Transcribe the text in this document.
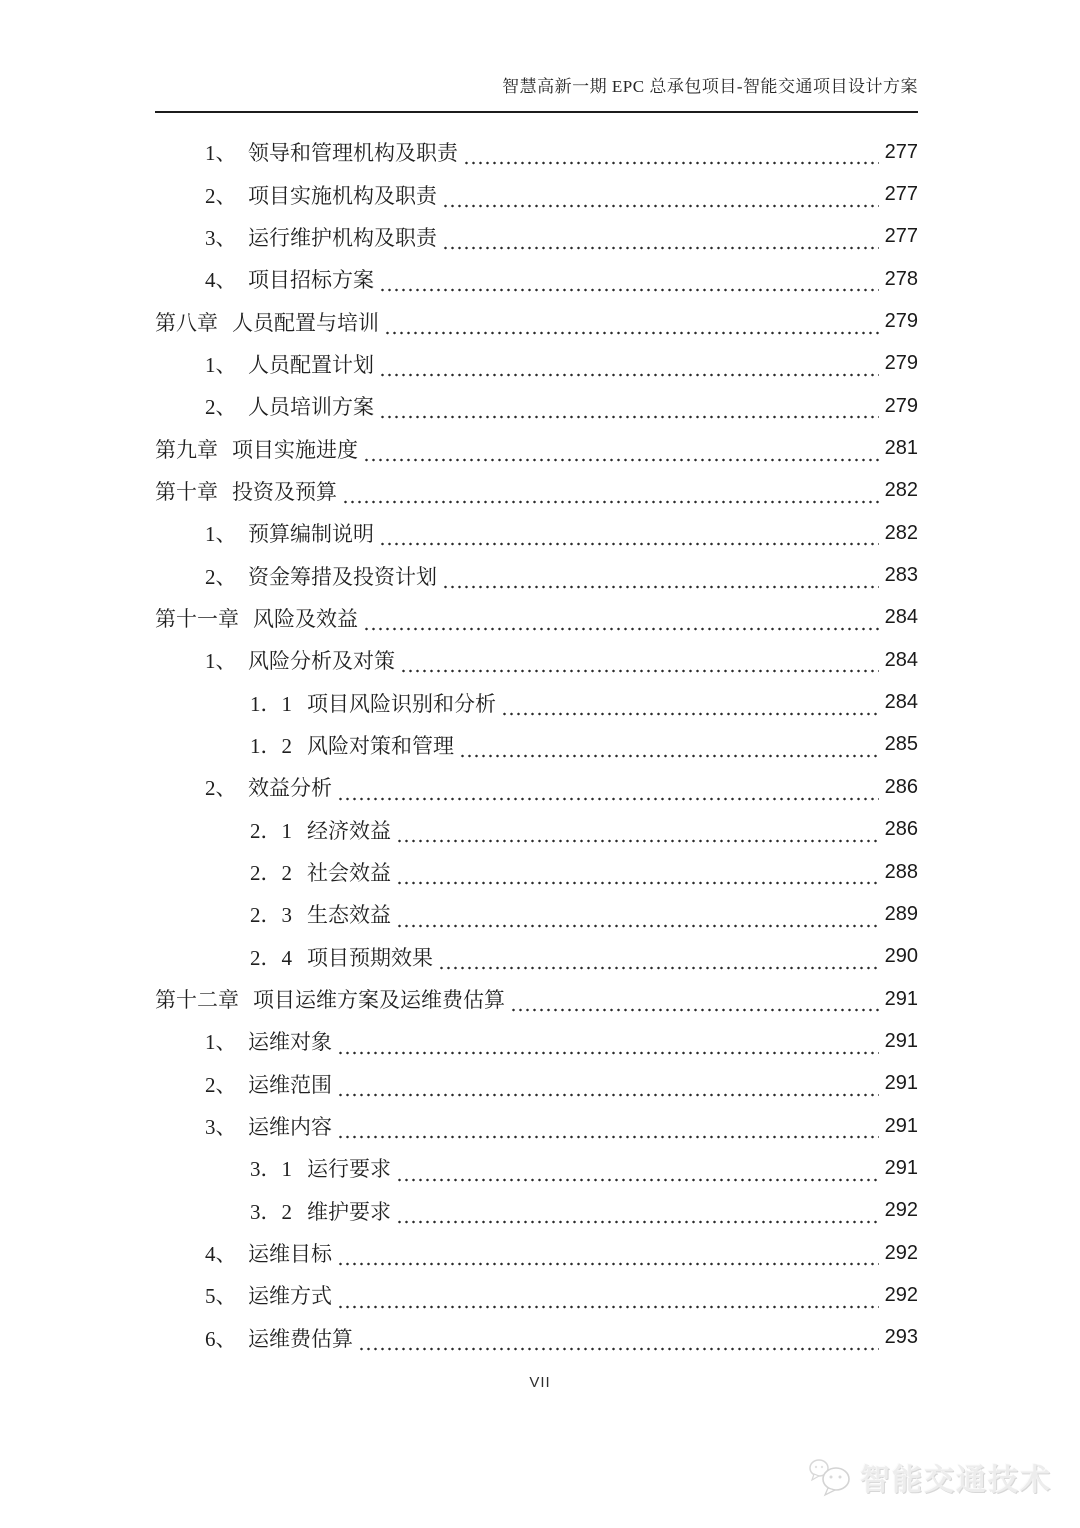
智慧高新一期 EPC 总承包项目-智能交通项目设计方案
1、 领导和管理机构及职责	277
2、 项目实施机构及职责	277
3、 运行维护机构及职责	277
4、 项目招标方案	278
第八章 人员配置与培训	279
1、 人员配置计划	279
2、 人员培训方案	279
第九章 项目实施进度	281
第十章 投资及预算	282
1、 预算编制说明	282
2、 资金筹措及投资计划	283
第十一章 风险及效益	284
1、 风险分析及对策	284
1．1 项目风险识别和分析	284
1．2 风险对策和管理	285
2、 效益分析	286
2．1 经济效益	286
2．2 社会效益	288
2．3 生态效益	289
2．4 项目预期效果	290
第十二章 项目运维方案及运维费估算	291
1、 运维对象	291
2、 运维范围	291
3、 运维内容	291
3．1 运行要求	291
3．2 维护要求	292
4、 运维目标	292
5、 运维方式	292
6、 运维费估算	293
VII
智能交通技术
